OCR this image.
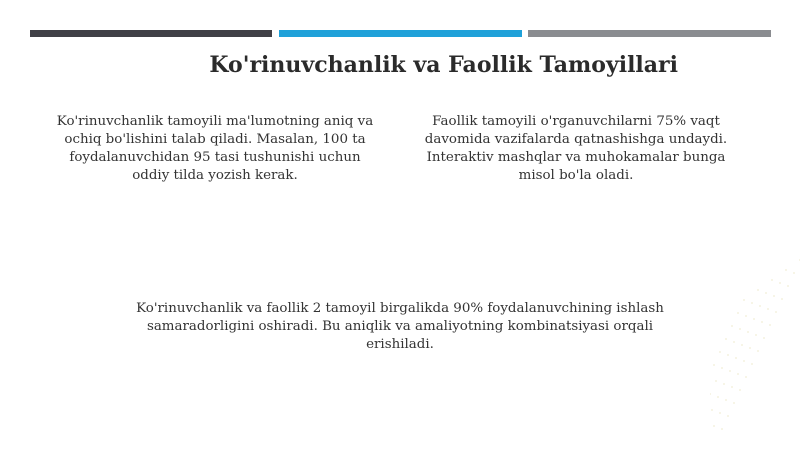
Ko'rinuvchanlik va Faollik Tamoyillari
Ko'rinuvchanlik tamoyili ma'lumotning aniq va ochiq bo'lishini talab qiladi. Masalan, 100 ta foydalanuvchidan 95 tasi tushunishi uchun oddiy tilda yozish kerak.
Faollik tamoyili o'rganuvchilarni 75% vaqt davomida vazifalarda qatnashishga undaydi. Interaktiv mashqlar va muhokamalar bunga misol bo'la oladi.
Ko'rinuvchanlik va faollik 2 tamoyil birgalikda 90% foydalanuvchining ishlash samaradorligini oshiradi. Bu aniqlik va amaliyotning kombinatsiyasi orqali erishiladi.
